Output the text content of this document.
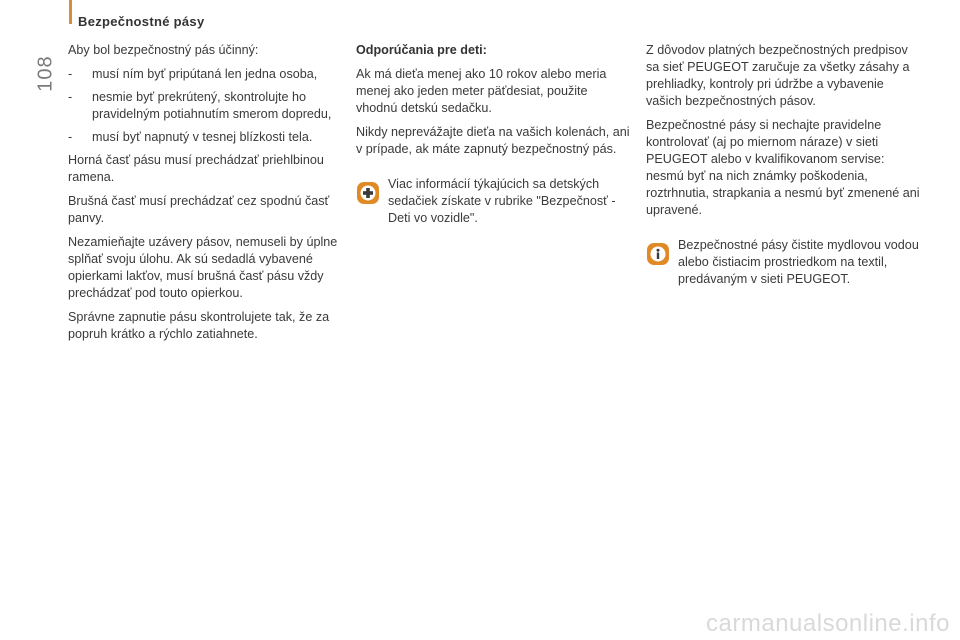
Bezpečnostné pásy
108

Aby bol bezpečnostný pás účinný:

- musí ním byť pripútaná len jedna osoba,
- nesmie byť prekrútený, skontrolujte ho pravidelným potiahnutím smerom dopredu,
- musí byť napnutý v tesnej blízkosti tela.

Horná časť pásu musí prechádzať priehlbinou ramena.

Brušná časť musí prechádzať cez spodnú časť panvy.

Nezamieňajte uzávery pásov, nemuseli by úplne splňať svoju úlohu. Ak sú sedadlá vybavené opierkami lakťov, musí brušná časť pásu vždy prechádzať pod touto opierkou.

Správne zapnutie pásu skontrolujete tak, že za popruh krátko a rýchlo zatiahnete.

Odporúčania pre deti:

Ak má dieťa menej ako 10 rokov alebo meria menej ako jeden meter päťdesiat, použite vhodnú detskú sedačku.

Nikdy neprevážajte dieťa na vašich kolenách, ani v prípade, ak máte zapnutý bezpečnostný pás.

Viac informácií týkajúcich sa detských sedačiek získate v rubrike "Bezpečnosť - Deti vo vozidle".

Z dôvodov platných bezpečnostných predpisov sa sieť PEUGEOT zaručuje za všetky zásahy a prehliadky, kontroly pri údržbe a vybavenie vašich bezpečnostných pásov.

Bezpečnostné pásy si nechajte pravidelne kontrolovať (aj po miernom náraze) v sieti PEUGEOT alebo v kvalifikovanom servise: nesmú byť na nich známky poškodenia, roztrhnutia, strapkania a nesmú byť zmenené ani upravené.

Bezpečnostné pásy čistite mydlovou vodou alebo čistiacim prostriedkom na textil, predávaným v sieti PEUGEOT.
carmanualsonline.info
